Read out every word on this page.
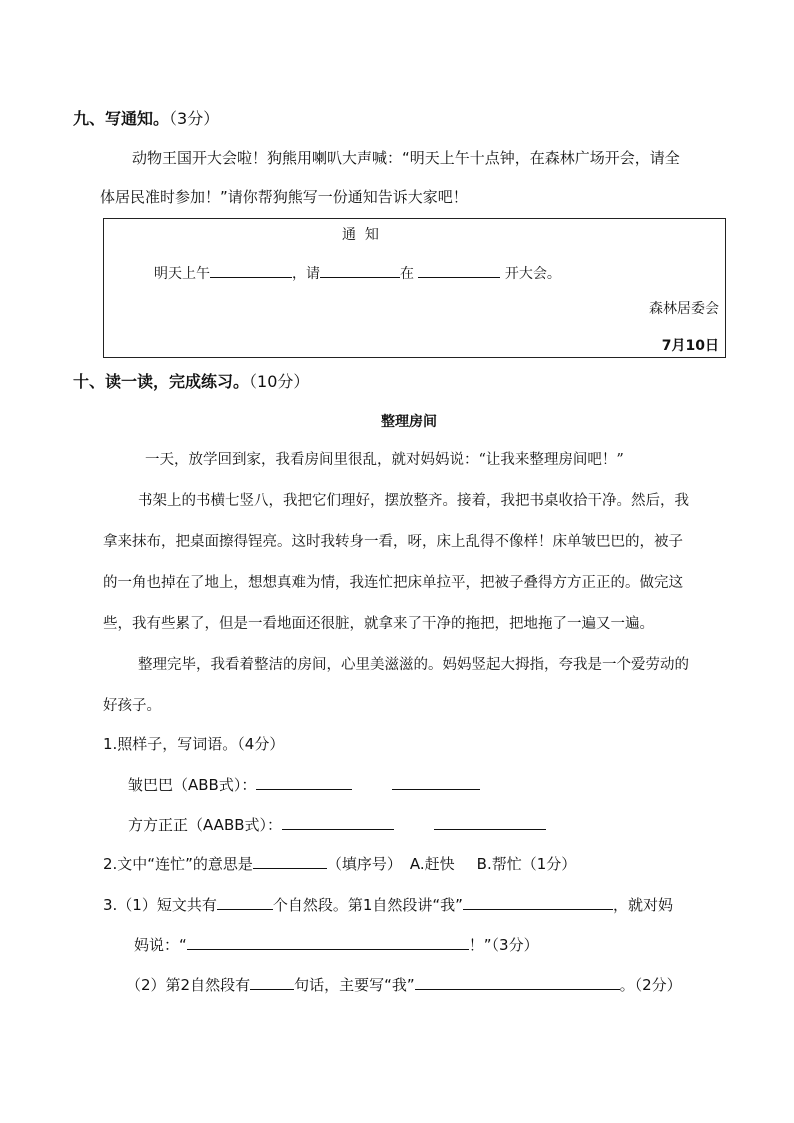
九、写通知。（3分）
动物王国开大会啦！狗熊用喇叭大声喊：“明天上午十点钟，在森林广场开会，请全
体居民准时参加！”请你帮狗熊写一份通知告诉大家吧！
通  知
明天上午	，请	在	开大会。
森林居委会
7月10日
十、读一读，完成练习。（10分）
整理房间
一天，放学回到家，我看房间里很乱，就对妈妈说：“让我来整理房间吧！”
书架上的书横七竖八，我把它们理好，摆放整齐。接着，我把书桌收拾干净。然后，我
拿来抹布，把桌面擦得锃亮。这时我转身一看，呀，床上乱得不像样！床单皱巴巴的，被子
的一角也掉在了地上，想想真难为情，我连忙把床单拉平，把被子叠得方方正正的。做完这
些，我有些累了，但是一看地面还很脏，就拿来了干净的拖把，把地拖了一遍又一遍。
整理完毕，我看着整洁的房间，心里美滋滋的。妈妈竖起大拇指，夸我是一个爱劳动的
好孩子。
1.照样子，写词语。（4分）
皱巴巴（ABB式）：
方方正正（AABB式）：
2.文中“连忙”的意思是	（填序号） A.赶快 B.帮忙（1分）
3.（1）短文共有	个自然段。第1自然段讲“我”	，就对妈
妈说：“	！”（3分）
（2）第2自然段有	句话，主要写“我”	。（2分）
